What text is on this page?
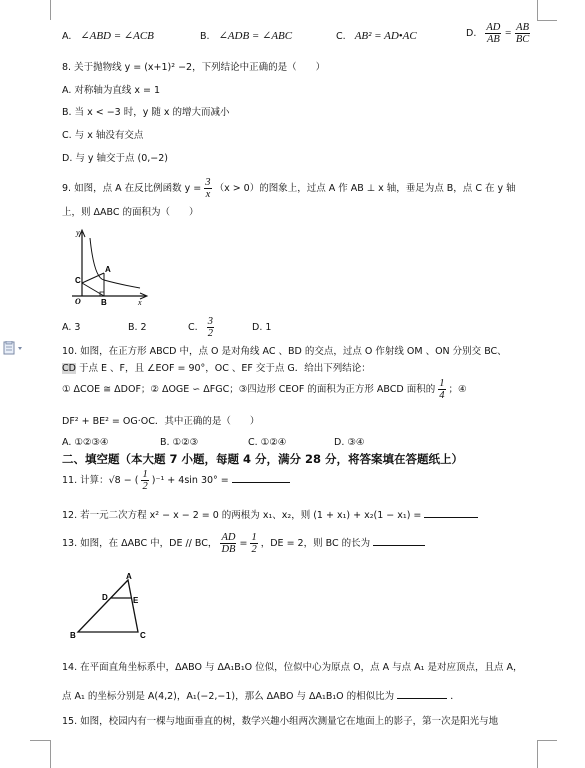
A. ∠ABD = ∠ACB	B. ∠ADB = ∠ABC	C. AB² = AD•AC	D. $\frac{AD}{AB} = \frac{AB}{BC}$
8. 关于抛物线 y = (x+1)² −2，下列结论中正确的是（　　）
A. 对称轴为直线 x = 1
B. 当 x < −3 时，y 随 x 的增大而减小
C. 与 x 轴没有交点
D. 与 y 轴交于点 (0,−2)
9. 如图，点 A 在反比例函数 $y = \frac{3}{x} (x > 0)$的图象上，过点 A 作 AB ⊥ x 轴，垂足为点 B，点 C 在 y 轴
上，则 ΔABC 的面积为（　　）
y
x
A
B
C
O
A. 3	B. 2	C. $\frac{3}{2}$	D. 1
10. 如图，在正方形 ABCD 中，点 O 是对角线 AC 、BD 的交点，过点 O 作射线 OM 、ON 分别交 BC、
CD 于点 E 、F，且 ∠EOF = 90°，OC 、EF 交于点 G．给出下列结论：
① ΔCOE ≅ ΔDOF；② ΔOGE ∽ ΔFGC；③四边形 CEOF 的面积为正方形 ABCD 面积的 $\frac{1}{4}$ ；④
DF² + BE² = OG·OC．其中正确的是（　　）
A. ①②③④	B. ①②③	C. ①②④	D. ③④
二、填空题（本大题 7 小题，每题 4 分，满分 28 分，将答案填在答题纸上）
11. 计算：√8 − ( $\frac{1}{2} )^{-1} + 4\sin$ 30° =
12. 若一元二次方程 x² − x − 2 = 0 的两根为 x₁、x₂，则 (1 + x₁) + x₂(1 − x₁) =
13. 如图，在 ΔABC 中，DE // BC， $\frac{AD}{DB} = \frac{1}{2}$ ，DE = 2，则 BC 的长为
A
B	C
D	E
14. 在平面直角坐标系中，ΔABO 与 ΔA₁B₁O 位似，位似中心为原点 O，点 A 与点 A₁ 是对应顶点，且点 A，
点 A₁ 的坐标分别是 A(4,2)，A₁(−2,−1)，那么 ΔABO 与 ΔA₁B₁O 的相似比为	．
15. 如图，校园内有一棵与地面垂直的树，数学兴趣小组两次测量它在地面上的影子，第一次是阳光与地
